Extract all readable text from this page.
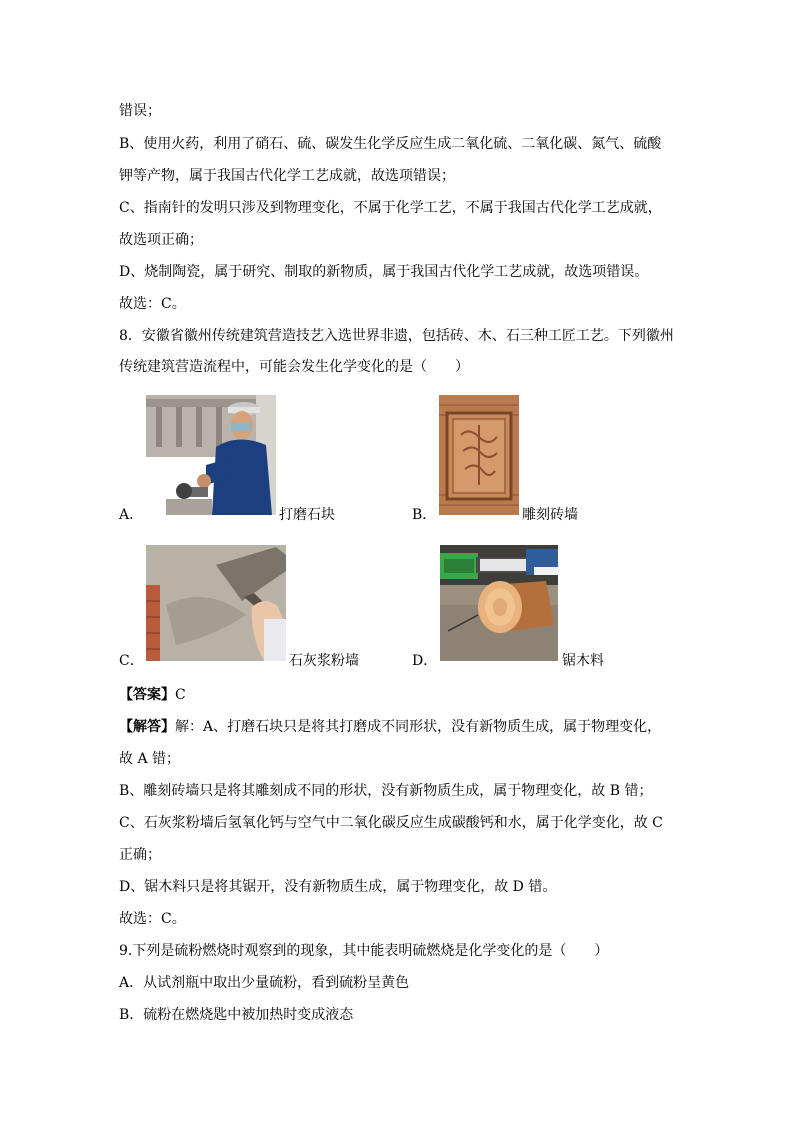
错误；
B、使用火药，利用了硝石、硫、碳发生化学反应生成二氧化硫、二氧化碳、氮气、硫酸
钾等产物，属于我国古代化学工艺成就，故选项错误；
C、指南针的发明只涉及到物理变化，不属于化学工艺，不属于我国古代化学工艺成就，
故选项正确；
D、烧制陶瓷，属于研究、制取的新物质，属于我国古代化学工艺成就，故选项错误。
故选：C。
8．安徽省徽州传统建筑营造技艺入选世界非遗，包括砖、木、石三种工匠工艺。下列徽州
传统建筑营造流程中，可能会发生化学变化的是（　　）
A．	打磨石块	B．	雕刻砖墙
C．	石灰浆粉墙	D．	锯木料
【答案】C
【解答】解：A、打磨石块只是将其打磨成不同形状，没有新物质生成，属于物理变化，
故 A 错；
B、雕刻砖墙只是将其雕刻成不同的形状，没有新物质生成，属于物理变化，故 B 错；
C、石灰浆粉墙后氢氧化钙与空气中二氧化碳反应生成碳酸钙和水，属于化学变化，故 C
正确；
D、锯木料只是将其锯开，没有新物质生成，属于物理变化，故 D 错。
故选：C。
9.下列是硫粉燃烧时观察到的现象，其中能表明硫燃烧是化学变化的是（　　）
A．从试剂瓶中取出少量硫粉，看到硫粉呈黄色
B．硫粉在燃烧匙中被加热时变成液态
